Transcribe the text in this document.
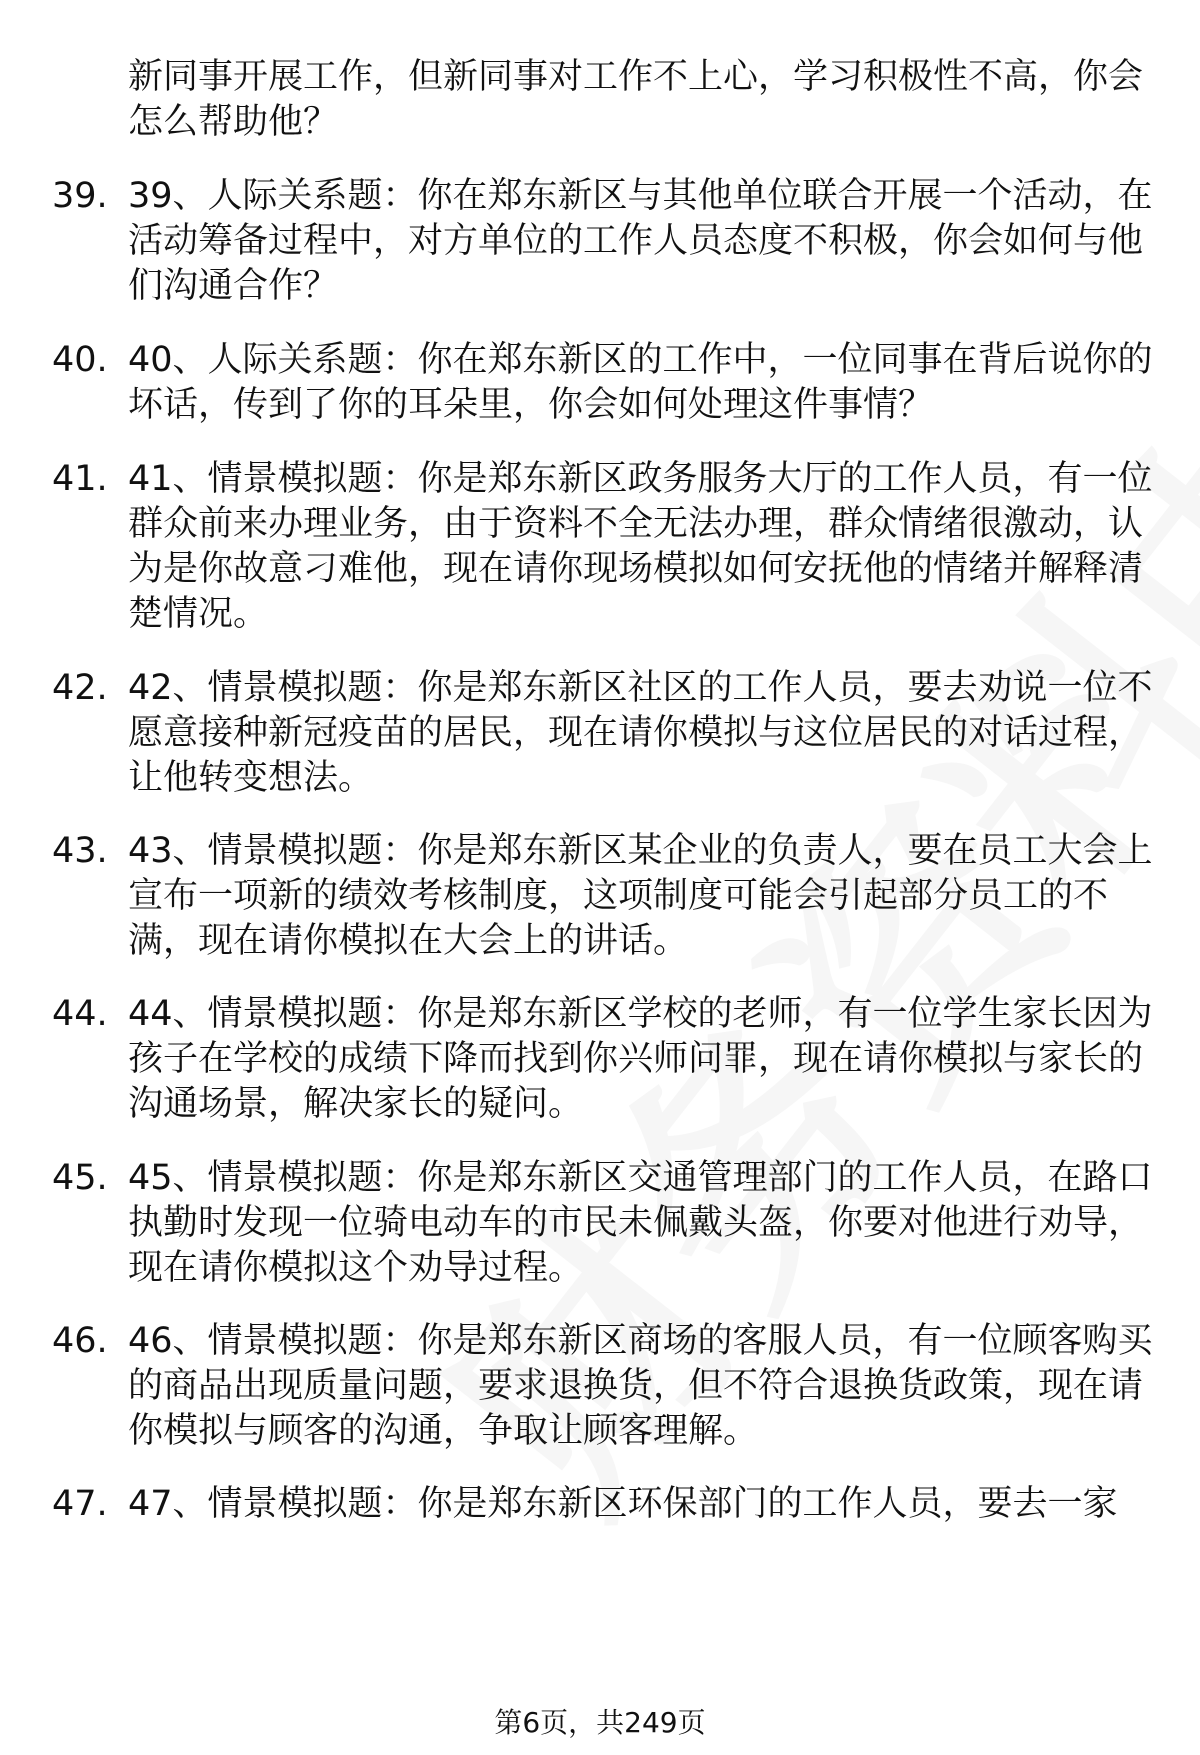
新同事开展工作，但新同事对工作不上心，学习积极性不高，你会怎么帮助他？
39. 39、人际关系题：你在郑东新区与其他单位联合开展一个活动，在活动筹备过程中，对方单位的工作人员态度不积极，你会如何与他们沟通合作？
40. 40、人际关系题：你在郑东新区的工作中，一位同事在背后说你的坏话，传到了你的耳朵里，你会如何处理这件事情？
41. 41、情景模拟题：你是郑东新区政务服务大厅的工作人员，有一位群众前来办理业务，由于资料不全无法办理，群众情绪很激动，认为是你故意刁难他，现在请你现场模拟如何安抚他的情绪并解释清楚情况。
42. 42、情景模拟题：你是郑东新区社区的工作人员，要去劝说一位不愿意接种新冠疫苗的居民，现在请你模拟与这位居民的对话过程，让他转变想法。
43. 43、情景模拟题：你是郑东新区某企业的负责人，要在员工大会上宣布一项新的绩效考核制度，这项制度可能会引起部分员工的不满，现在请你模拟在大会上的讲话。
44. 44、情景模拟题：你是郑东新区学校的老师，有一位学生家长因为孩子在学校的成绩下降而找到你兴师问罪，现在请你模拟与家长的沟通场景，解决家长的疑问。
45. 45、情景模拟题：你是郑东新区交通管理部门的工作人员，在路口执勤时发现一位骑电动车的市民未佩戴头盔，你要对他进行劝导，现在请你模拟这个劝导过程。
46. 46、情景模拟题：你是郑东新区商场的客服人员，有一位顾客购买的商品出现质量问题，要求退换货，但不符合退换货政策，现在请你模拟与顾客的沟通，争取让顾客理解。
47. 47、情景模拟题：你是郑东新区环保部门的工作人员，要去一家
第6页，共249页
